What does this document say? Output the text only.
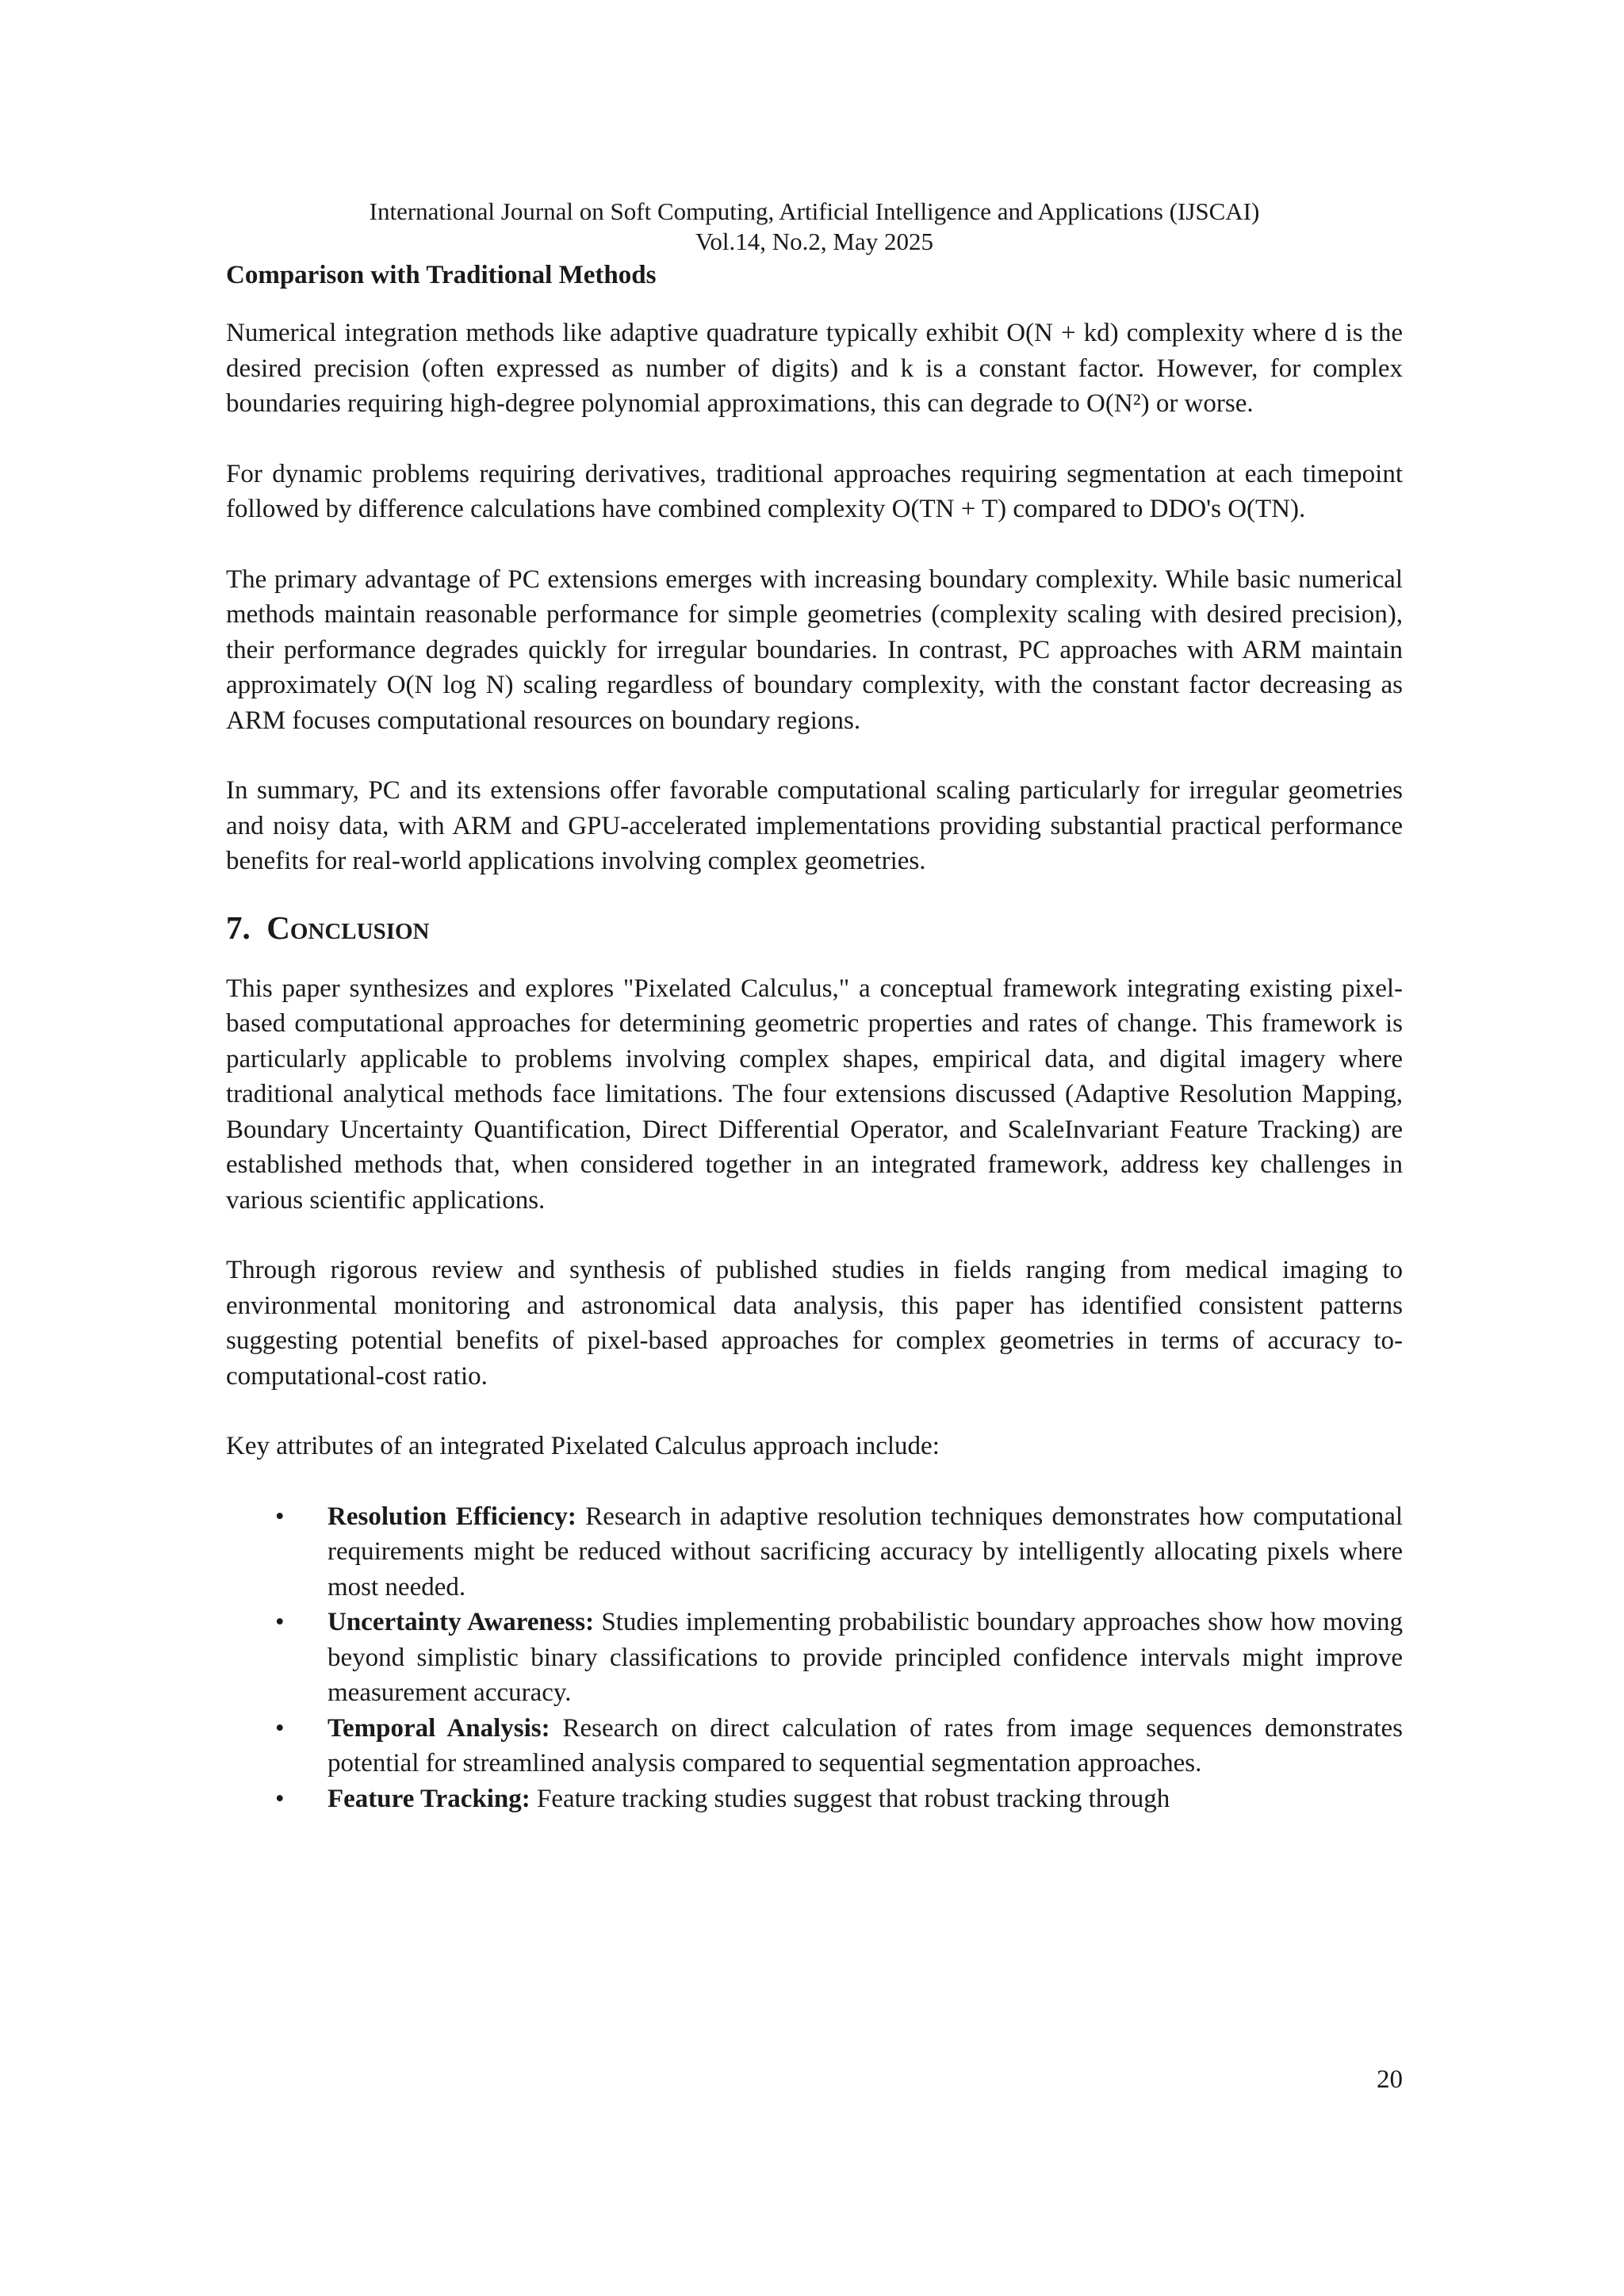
International Journal on Soft Computing, Artificial Intelligence and Applications (IJSCAI)
Vol.14, No.2, May 2025
Comparison with Traditional Methods

Numerical integration methods like adaptive quadrature typically exhibit O(N + kd) complexity where d is the desired precision (often expressed as number of digits) and k is a constant factor. However, for complex boundaries requiring high-degree polynomial approximations, this can degrade to O(N²) or worse.

For dynamic problems requiring derivatives, traditional approaches requiring segmentation at each timepoint followed by difference calculations have combined complexity O(TN + T) compared to DDO's O(TN).

The primary advantage of PC extensions emerges with increasing boundary complexity. While basic numerical methods maintain reasonable performance for simple geometries (complexity scaling with desired precision), their performance degrades quickly for irregular boundaries. In contrast, PC approaches with ARM maintain approximately O(N log N) scaling regardless of boundary complexity, with the constant factor decreasing as ARM focuses computational resources on boundary regions.

In summary, PC and its extensions offer favorable computational scaling particularly for irregular geometries and noisy data, with ARM and GPU-accelerated implementations providing substantial practical performance benefits for real-world applications involving complex geometries.

7. Conclusion

This paper synthesizes and explores "Pixelated Calculus," a conceptual framework integrating existing pixel-based computational approaches for determining geometric properties and rates of change. This framework is particularly applicable to problems involving complex shapes, empirical data, and digital imagery where traditional analytical methods face limitations. The four extensions discussed (Adaptive Resolution Mapping, Boundary Uncertainty Quantification, Direct Differential Operator, and ScaleInvariant Feature Tracking) are established methods that, when considered together in an integrated framework, address key challenges in various scientific applications.

Through rigorous review and synthesis of published studies in fields ranging from medical imaging to environmental monitoring and astronomical data analysis, this paper has identified consistent patterns suggesting potential benefits of pixel-based approaches for complex geometries in terms of accuracy to-computational-cost ratio.

Key attributes of an integrated Pixelated Calculus approach include:

• Resolution Efficiency: Research in adaptive resolution techniques demonstrates how computational requirements might be reduced without sacrificing accuracy by intelligently allocating pixels where most needed.
• Uncertainty Awareness: Studies implementing probabilistic boundary approaches show how moving beyond simplistic binary classifications to provide principled confidence intervals might improve measurement accuracy.
• Temporal Analysis: Research on direct calculation of rates from image sequences demonstrates potential for streamlined analysis compared to sequential segmentation approaches.
• Feature Tracking: Feature tracking studies suggest that robust tracking through
20
